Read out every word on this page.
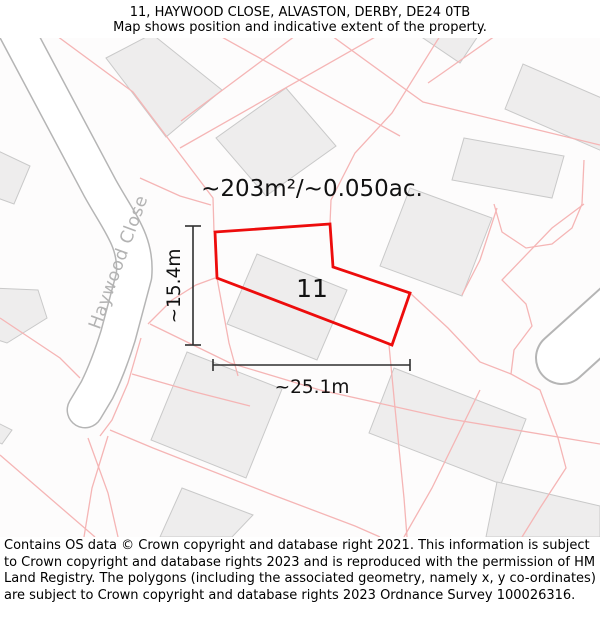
11, HAYWOOD CLOSE, ALVASTON, DERBY, DE24 0TB
Map shows position and indicative extent of the property.
Haywood Close ~15.4m
~25.1m
~203m²/~0.050ac.
11
Contains OS data © Crown copyright and database right 2021. This information is subject to Crown copyright and database rights 2023 and is reproduced with the permission of HM Land Registry. The polygons (including the associated geometry, namely x, y co-ordinates) are subject to Crown copyright and database rights 2023 Ordnance Survey 100026316.
